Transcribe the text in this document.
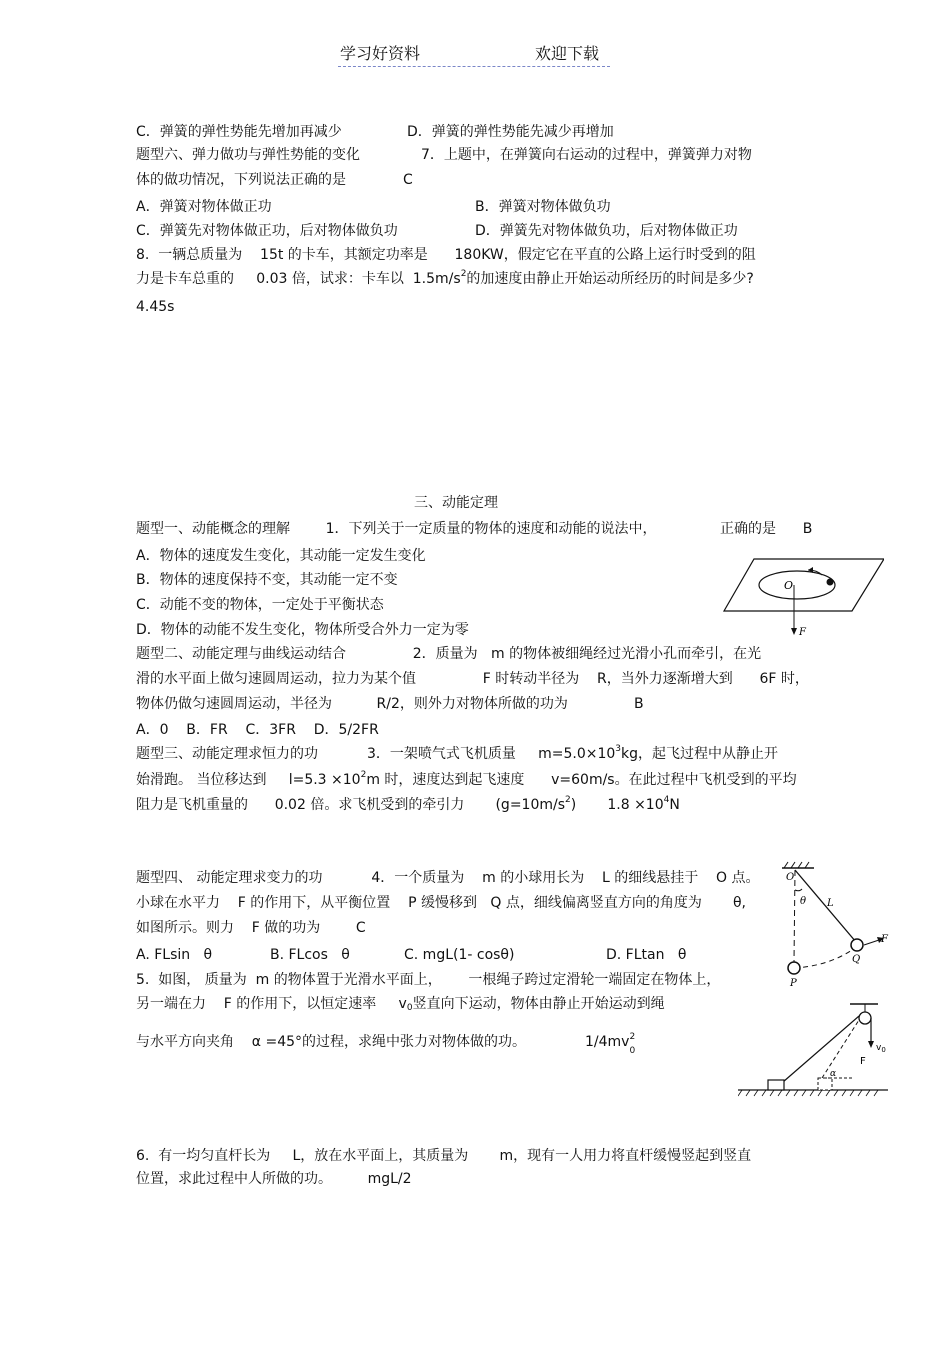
学习好资料	欢迎下载
C．弹簧的弹性势能先增加再减少	D．弹簧的弹性势能先减少再增加
题型六、弹力做功与弹性势能的变化	7．上题中，在弹簧向右运动的过程中，弹簧弹力对物
体的做功情况，下列说法正确的是	C
A．弹簧对物体做正功	B．弹簧对物体做负功
C．弹簧先对物体做正功，后对物体做负功	D．弹簧先对物体做负功，后对物体做正功
8.  一辆总质量为    15t 的卡车，其额定功率是      180KW，假定它在平直的公路上运行时受到的阻
力是卡车总重的     0.03 倍，试求：卡车以  $1.5m/s^2$的加速度由静止开始运动所经历的时间是多少?
4.45s
三、动能定理
题型一、动能概念的理解        1．下列关于一定质量的物体的速度和动能的说法中，	正确的是      B
A．物体的速度发生变化，其动能一定发生变化
B．物体的速度保持不变，其动能一定不变
C．动能不变的物体，一定处于平衡状态
D．物体的动能不发生变化，物体所受合外力一定为零
题型二、动能定理与曲线运动结合               2．质量为   m 的物体被细绳经过光滑小孔而牵引，在光
滑的水平面上做匀速圆周运动，拉力为某个值               F 时转动半径为    R，当外力逐渐增大到      6F 时，
物体仍做匀速圆周运动，半径为          R/2，则外力对物体所做的功为	B
A．0    B．FR    C．3FR    D．5/2FR
题型三、动能定理求恒力的功           3．一架喷气式飞机质量     $m=5.0\times 10^3kg$，起飞过程中从静止开
始滑跑。 当位移达到     $l=5.3 \times 10^2m$ 时，速度达到起飞速度      v=60m/s。在此过程中飞机受到的平均
阻力是飞机重量的      0.02 倍。求飞机受到的牵引力       $(g=10m/s^2)$       $1.8 \times 10^4N$
题型四、 动能定理求变力的功           4．一个质量为    m 的小球用长为    L 的细线悬挂于    O 点。
小球在水平力    F 的作用下，从平衡位置    P 缓慢移到   Q 点，细线偏离竖直方向的角度为       θ,
如图所示。则力    F 做的功为        C
A. FLsin   θ	B. FLcos   θ	C. mgL(1- cosθ)	D. FLtan   θ
5.  如图， 质量为  m 的物体置于光滑水平面上，      一根绳子跨过定滑轮一端固定在物体上，
另一端在力    F 的作用下，以恒定速率     v0竖直向下运动，物体由静止开始运动到绳
与水平方向夹角    α =45°的过程，求绳中张力对物体做的功。	1/4mv 2
0
6.  有一均匀直杆长为     L，放在水平面上，其质量为       m，现有一人用力将直杆缓慢竖起到竖直
位置，求此过程中人所做的功。        mgL/2
O
F
O
θ L
F
Q
P
F
$v_0$
α
